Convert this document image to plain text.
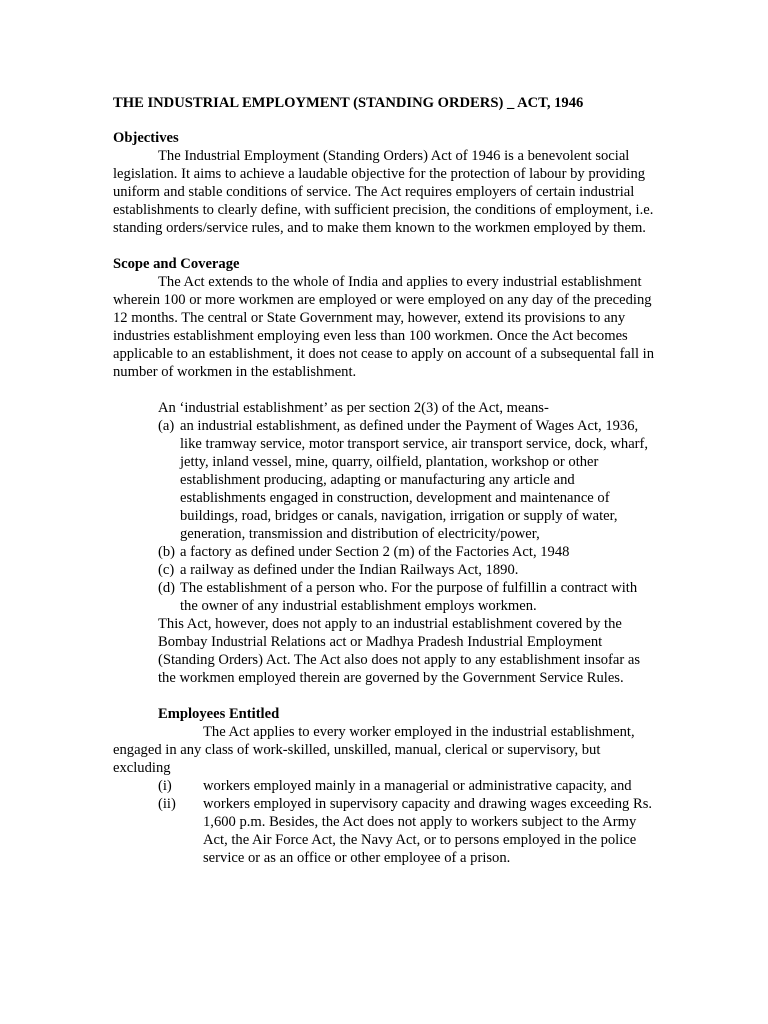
THE INDUSTRIAL EMPLOYMENT (STANDING ORDERS) _ ACT, 1946

Objectives

The Industrial Employment (Standing Orders) Act of 1946 is a benevolent social legislation. It aims to achieve a laudable objective for the protection of labour by providing uniform and stable conditions of service. The Act requires employers of certain industrial establishments to clearly define, with sufficient precision, the conditions of employment, i.e. standing orders/service rules, and to make them known to the workmen employed by them.

Scope and Coverage

The Act extends to the whole of India and applies to every industrial establishment wherein 100 or more workmen are employed or were employed on any day of the preceding 12 months. The central or State Government may, however, extend its provisions to any industries establishment employing even less than 100 workmen. Once the Act becomes applicable to an establishment, it does not cease to apply on account of a subsequental fall in number of workmen in the establishment.

An ‘industrial establishment’ as per section 2(3) of the Act, means-

(a) an industrial establishment, as defined under the Payment of Wages Act, 1936, like tramway service, motor transport service, air transport service, dock, wharf, jetty, inland vessel, mine, quarry, oilfield, plantation, workshop or other establishment producing, adapting or manufacturing any article and establishments engaged in construction, development and maintenance of buildings, road, bridges or canals, navigation, irrigation or supply of water, generation, transmission and distribution of electricity/power,
(b) a factory as defined under Section 2 (m) of the Factories Act, 1948
(c) a railway as defined under the Indian Railways Act, 1890.
(d) The establishment of a person who. For the purpose of fulfillin a contract with the owner of any industrial establishment employs workmen.

This Act, however, does not apply to an industrial establishment covered by the Bombay Industrial Relations act or Madhya Pradesh Industrial Employment (Standing Orders) Act. The Act also does not apply to any establishment insofar as the workmen employed therein are governed by the Government Service Rules.

Employees Entitled

The Act applies to every worker employed in the industrial establishment, engaged in any class of work-skilled, unskilled, manual, clerical or supervisory, but excluding

(i) workers employed mainly in a managerial or administrative capacity, and
(ii) workers employed in supervisory capacity and drawing wages exceeding Rs. 1,600 p.m. Besides, the Act does not apply to workers subject to the Army Act, the Air Force Act, the Navy Act, or to persons employed in the police service or as an office or other employee of a prison.
